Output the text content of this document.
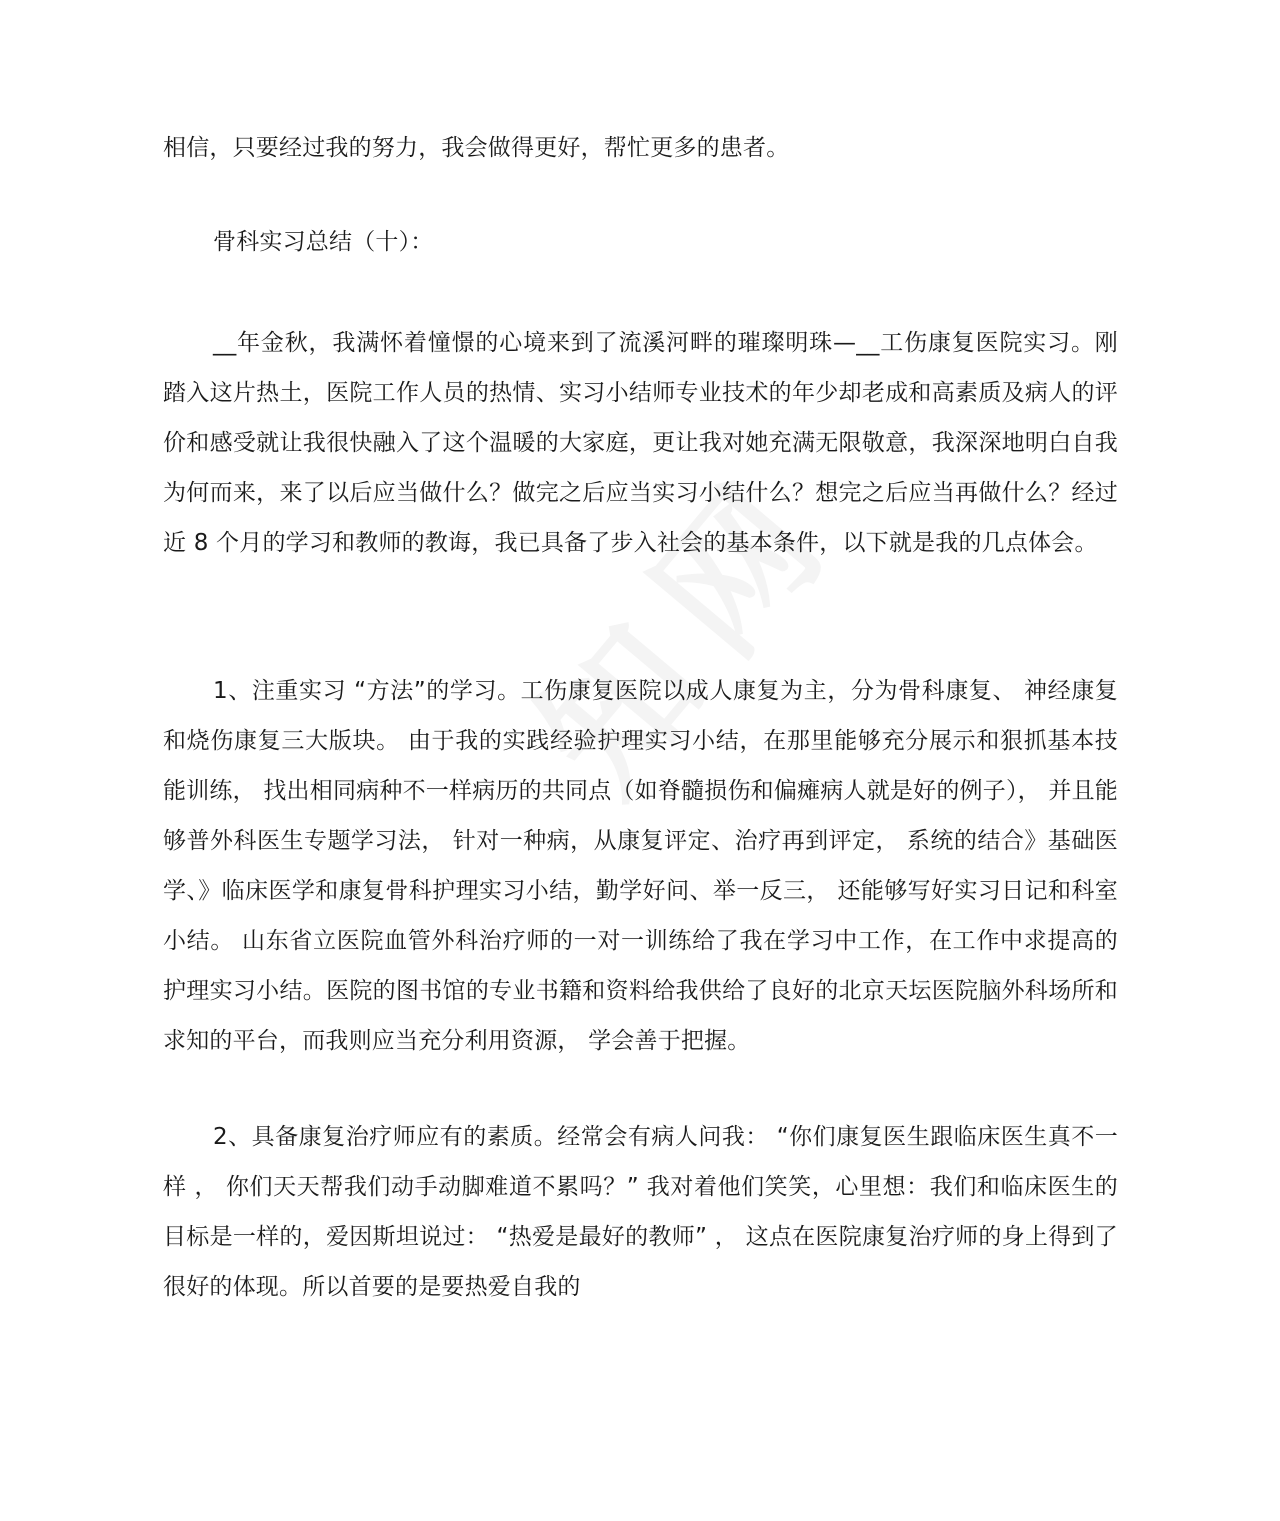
相信，只要经过我的努力，我会做得更好，帮忙更多的患者。

骨科实习总结（十）：

__年金秋，我满怀着憧憬的心境来到了流溪河畔的璀璨明珠—__工伤康复医院实习。刚踏入这片热土，医院工作人员的热情、实习小结师专业技术的年少却老成和高素质及病人的评价和感受就让我很快融入了这个温暖的大家庭，更让我对她充满无限敬意，我深深地明白自我为何而来，来了以后应当做什么？做完之后应当实习小结什么？想完之后应当再做什么？经过近 8 个月的学习和教师的教诲，我已具备了步入社会的基本条件，以下就是我的几点体会。

1、注重实习 “方法”的学习。工伤康复医院以成人康复为主，分为骨科康复、 神经康复和烧伤康复三大版块。 由于我的实践经验护理实习小结，在那里能够充分展示和狠抓基本技能训练， 找出相同病种不一样病历的共同点（如脊髓损伤和偏瘫病人就是好的例子）， 并且能够普外科医生专题学习法， 针对一种病，从康复评定、治疗再到评定， 系统的结合》基础医学、》临床医学和康复骨科护理实习小结，勤学好问、举一反三， 还能够写好实习日记和科室小结。 山东省立医院血管外科治疗师的一对一训练给了我在学习中工作，在工作中求提高的护理实习小结。医院的图书馆的专业书籍和资料给我供给了良好的北京天坛医院脑外科场所和求知的平台，而我则应当充分利用资源， 学会善于把握。

2、具备康复治疗师应有的素质。经常会有病人问我： “你们康复医生跟临床医生真不一样 ， 你们天天帮我们动手动脚难道不累吗？” 我对着他们笑笑，心里想：我们和临床医生的目标是一样的，爱因斯坦说过： “热爱是最好的教师” ， 这点在医院康复治疗师的身上得到了很好的体现。所以首要的是要热爱自我的
